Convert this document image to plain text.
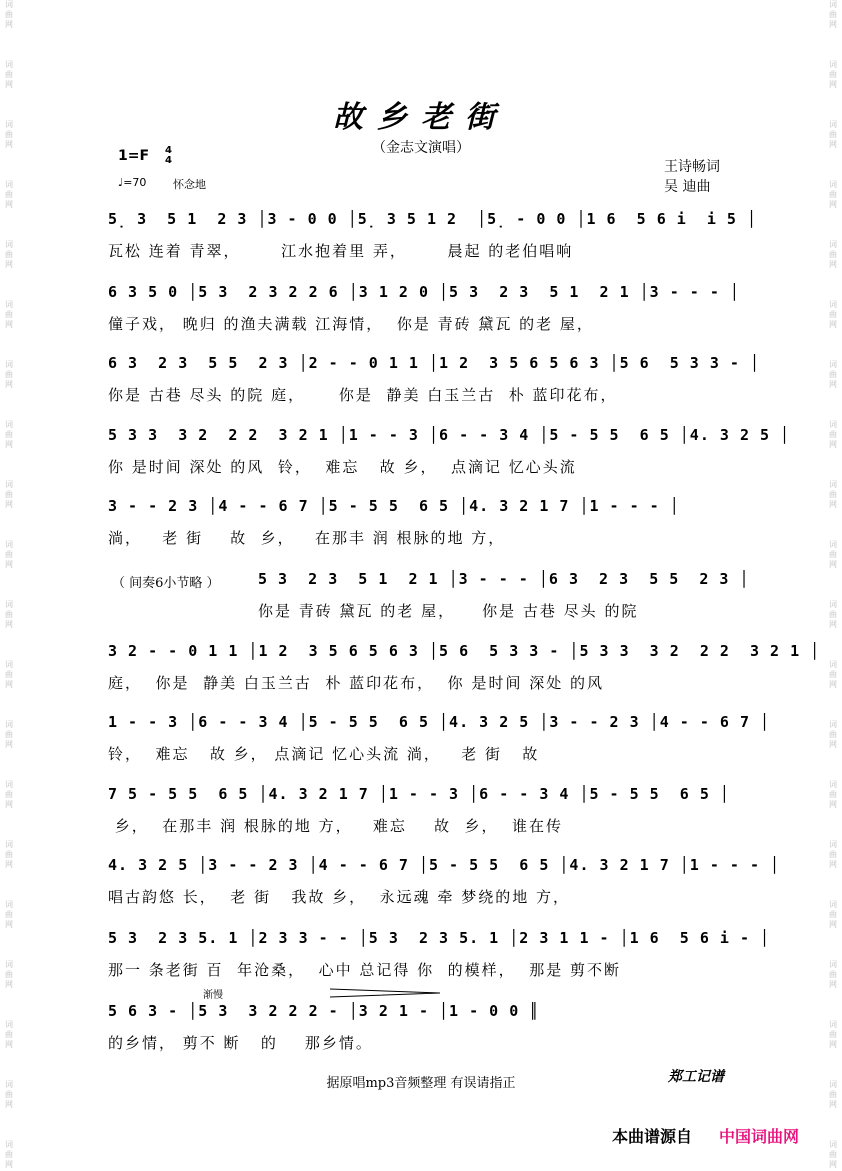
词曲网
词曲网
词曲网
词曲网
词曲网
词曲网
词曲网
词曲网
词曲网
词曲网
词曲网
词曲网
词曲网
词曲网
词曲网
词曲网
词曲网
词曲网
词曲网
词曲网
词曲网
词曲网
词曲网
词曲网
词曲网
词曲网
词曲网
词曲网
词曲网
词曲网
词曲网
词曲网
词曲网
词曲网
词曲网
词曲网
词曲网
词曲网
词曲网
词曲网
故乡老街
（金志文演唱）
1=F 4
4
♩=70 怀念地
王诗畅词
吴 迪曲
5̣ 3  5 1  2 3 │3 - 0 0 │5̣ 3 5 1 2  │5̣ - 0 0 │1 6  5 6 i  i 5 │
瓦松 连着 青翠，      江水抱着里 弄，      晨起 的老伯唱响
6 3 5 0 │5 3  2 3 2 2 6 │3 1 2 0 │5 3  2 3  5 1  2 1 │3 - - - │
僮子戏， 晚归 的渔夫满载 江海情，  你是 青砖 黛瓦 的老 屋，
6 3  2 3  5 5  2 3 │2 - - 0 1 1 │1 2  3 5 6 5 6 3 │5 6  5 3 3 - │
你是 古巷 尽头 的院 庭，     你是  静美 白玉兰古  朴 蓝印花布，
5 3 3  3 2  2 2  3 2 1 │1 - - 3 │6 - - 3 4 │5 - 5 5  6 5 │4. 3 2 5 │
你 是时间 深处 的风  铃，  难忘   故 乡，  点滴记 忆心头流
3 - - 2 3 │4 - - 6 7 │5 - 5 5  6 5 │4. 3 2 1 7 │1 - - - │
淌，   老 街    故  乡，   在那丰 润 根脉的地 方，
（ 间奏6小节略 ）	5 3  2 3  5 1  2 1 │3 - - - │6 3  2 3  5 5  2 3 │
你是 青砖 黛瓦 的老 屋，    你是 古巷 尽头 的院
3 2 - - 0 1 1 │1 2  3 5 6 5 6 3 │5 6  5 3 3 - │5 3 3  3 2  2 2  3 2 1 │
庭，  你是  静美 白玉兰古  朴 蓝印花布，  你 是时间 深处 的风
1 - - 3 │6 - - 3 4 │5 - 5 5  6 5 │4. 3 2 5 │3 - - 2 3 │4 - - 6 7 │
铃，  难忘   故 乡， 点滴记 忆心头流 淌，   老 街   故
7 5 - 5 5  6 5 │4. 3 2 1 7 │1 - - 3 │6 - - 3 4 │5 - 5 5  6 5 │
乡，  在那丰 润 根脉的地 方，   难忘    故  乡，  谁在传
4. 3 2 5 │3 - - 2 3 │4 - - 6 7 │5 - 5 5  6 5 │4. 3 2 1 7 │1 - - - │
唱古韵悠 长，  老 街   我故 乡，  永远魂 牵 梦绕的地 方，
5 3  2 3 5. 1 │2 3 3 - - │5 3  2 3 5. 1 │2 3 1 1 - │1 6  5 6 i - │
那一 条老街 百  年沧桑，  心中 总记得 你  的模样，  那是 剪不断
渐慢
5 6 3 - │5 3  3 2 2 2 - │3 2 1 - │1 - 0 0 ║
的乡情， 剪不 断   的    那乡情。
据原唱mp3音频整理 有误请指正	郑工记谱
本曲谱源自 中国词曲网
